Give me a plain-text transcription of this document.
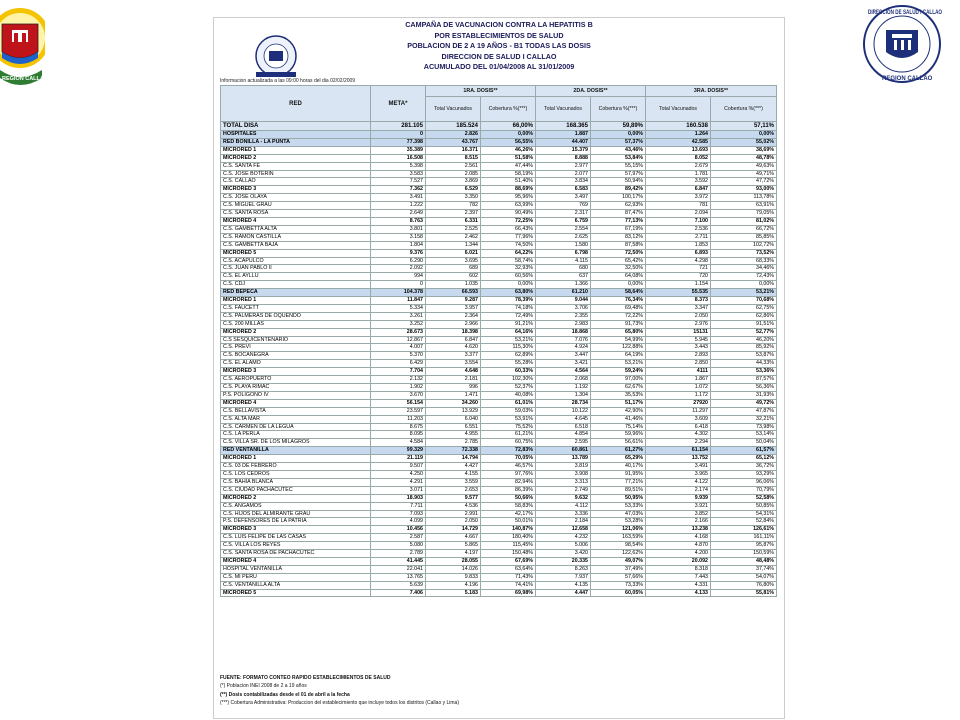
REGION CALLAO
DIRECCION DE SALUD I CALLAO
REGION CALLAO
CAMPAÑA DE VACUNACION CONTRA LA HEPATITIS B
POR ESTABLECIMIENTOS DE SALUD
POBLACION DE 2 A 19 AÑOS - B1 TODAS LAS DOSIS
DIRECCION DE SALUD I CALLAO
ACUMULADO DEL 01/04/2008 AL 31/01/2009
Informacion actualizada a las 09:00 horas del dia 02/02/2009
RED	META*	1RA. DOSIS**		2DA. DOSIS**		3RA. DOSIS**	
		Total Vacunados	Cobertura %(***)	Total Vacunados	Cobertura %(***)	Total Vacunados	Cobertura %(***)
TOTAL DISA	281.105	185.524	66,00%	168.365	59,89%	160.538	57,11%
HOSPITALES	0	2.826	0,00%	1.887	0,00%	1.264	0,00%
RED BONILLA - LA PUNTA	77.398	43.767	56,55%	44.407	57,37%	42.585	55,02%
MICRORED 1	35.389	16.371	46,26%	15.379	43,46%	13.693	38,69%
MICRORED 2	16.508	8.515	51,58%	8.888	53,84%	8.052	48,78%
C.S. SANTA FE	5.398	2.561	47,44%	2.977	55,15%	2.679	49,63%
C.S. JOSE BOTERIN	3.583	2.085	58,19%	2.077	57,97%	1.781	49,71%
C.S. CALLAO	7.527	3.869	51,40%	3.834	50,94%	3.592	47,72%
MICRORED 3	7.362	6.529	88,69%	6.583	89,42%	6.847	93,00%
C.S. JOSE OLAYA	3.491	3.350	95,96%	3.497	100,17%	3.972	113,78%
C.S. MIGUEL GRAU	1.222	782	63,99%	769	62,93%	781	63,91%
C.S. SANTA ROSA	2.649	2.397	90,49%	2.317	87,47%	2.094	79,05%
MICRORED 4	8.763	6.331	72,25%	6.759	77,13%	7.100	81,02%
C.S. GAMBETTA ALTA	3.801	2.525	66,43%	2.554	67,19%	2.536	66,72%
C.S. RAMON CASTILLA	3.158	2.462	77,96%	2.625	83,12%	2.711	85,85%
C.S. GAMBETTA BAJA	1.804	1.344	74,50%	1.580	87,58%	1.853	102,72%
MICRORED 5	9.376	6.021	64,22%	6.798	72,50%	6.893	73,52%
C.S. ACAPULCO	6.290	3.695	58,74%	4.115	65,42%	4.298	68,33%
C.S. JUAN PABLO II	2.092	689	32,93%	680	32,50%	721	34,46%
C.S. EL AYLLU	994	602	60,56%	637	64,08%	720	72,43%
C.S. CDJ	0	1.035	0,00%	1.366	0,00%	1.154	0,00%
RED BEPECA	104.378	66.593	63,80%	61.210	58,64%	55.535	53,21%
MICRORED 1	11.847	9.287	78,39%	9.044	76,34%	8.373	70,68%
C.S. FAUCETT	5.334	3.957	74,18%	3.706	69,48%	3.347	62,75%
C.S. PALMERAS DE OQUENDO	3.261	2.364	72,49%	2.355	72,22%	2.050	62,86%
C.S. 200 MILLAS	3.252	2.966	91,21%	2.983	91,73%	2.976	91,51%
MICRORED 2	28.673	18.398	64,16%	18.868	65,80%	15131	52,77%
C.S SESQUICENTENARIO	12.867	6.847	53,21%	7.076	54,99%	5.945	46,20%
C.S. PREVI	4.007	4.620	115,30%	4.924	122,88%	3.443	85,92%
C.S. BOCANEGRA	5.370	3.377	62,89%	3.447	64,19%	2.893	53,87%
C.S. EL ALAMO	6.429	3.554	55,28%	3.421	53,21%	2.850	44,33%
MICRORED 3	7.704	4.648	60,33%	4.564	59,24%	4111	53,36%
C.S. AEROPUERTO	2.132	2.181	102,30%	2.068	97,00%	1.867	87,57%
C.S. PLAYA RIMAC	1.902	996	52,37%	1.192	62,67%	1.072	56,36%
P.S. POLIGONO IV	3.670	1.471	40,08%	1.304	35,53%	1.172	31,93%
MICRORED 4	56.154	34.260	61,01%	28.734	51,17%	27920	49,72%
C.S. BELLAVISTA	23.597	13.929	59,03%	10.122	42,90%	11.297	47,87%
C.S. ALTA MAR	11.203	6.040	53,91%	4.645	41,46%	3.609	32,21%
C.S. CARMEN DE LA LEGUA	8.675	6.551	75,52%	6.518	75,14%	6.418	73,98%
C.S. LA PERLA	8.095	4.955	61,21%	4.854	59,96%	4.302	53,14%
C.S. VILLA SR. DE LOS MILAGROS	4.584	2.785	60,75%	2.595	56,61%	2.294	50,04%
RED VENTANILLA	99.329	72.338	72,83%	60.861	61,27%	61.154	61,57%
MICRORED 1	21.119	14.794	70,05%	13.789	65,29%	13.752	65,12%
C.S. 03 DE FEBRERO	9.507	4.427	46,57%	3.819	40,17%	3.491	36,72%
C.S. LOS CEDROS	4.250	4.155	97,76%	3.908	91,95%	3.965	93,29%
C.S. BAHIA BLANCA	4.291	3.559	82,94%	3.313	77,21%	4.122	96,06%
C.S. CIUDAD PACHACUTEC	3.071	2.653	86,39%	2.749	89,51%	2.174	70,79%
MICRORED 2	18.903	9.577	50,66%	9.632	50,95%	9.939	52,58%
C.S. ANGAMOS	7.711	4.536	58,83%	4.112	53,33%	3.921	50,85%
C.S. HIJOS DEL ALMIRANTE GRAU	7.093	2.991	42,17%	3.336	47,03%	3.852	54,31%
P.S. DEFENSORES DE LA PATRIA	4.099	2.050	50,01%	2.184	53,28%	2.166	52,84%
MICRORED 3	10.456	14.729	140,87%	12.658	121,06%	13.238	126,61%
C.S. LUIS FELIPE DE LAS CASAS	2.587	4.667	180,40%	4.232	163,59%	4.168	161,11%
C.S. VILLA LOS REYES	5.080	5.865	115,45%	5.006	98,54%	4.870	95,87%
C.S. SANTA ROSA DE PACHACUTEC	2.789	4.197	150,48%	3.420	122,62%	4.200	150,59%
MICRORED 4	41.445	28.055	67,69%	20.335	49,07%	20.092	48,48%
HOSPITAL VENTANILLA	22.041	14.026	63,64%	8.263	37,49%	8.318	37,74%
C.S. MI PERU	13.765	9.833	71,43%	7.937	57,66%	7.443	54,07%
C.S. VENTANILLA ALTA	5.639	4.196	74,41%	4.135	73,33%	4.331	76,80%
MICRORED 5	7.406	5.183	69,98%	4.447	60,05%	4.133	55,81%
FUENTE: FORMATO CONTEO RAPIDO ESTABLECIMIENTOS DE SALUD
(*) Poblacion INEI 2008 de 2 a 19 años
(**) Dosis contabilizadas desde el 01 de abril a la fecha
(***) Cobertura Administrativa: Produccion del establecimiento que incluye todos los distritos (Callao y Lima)
